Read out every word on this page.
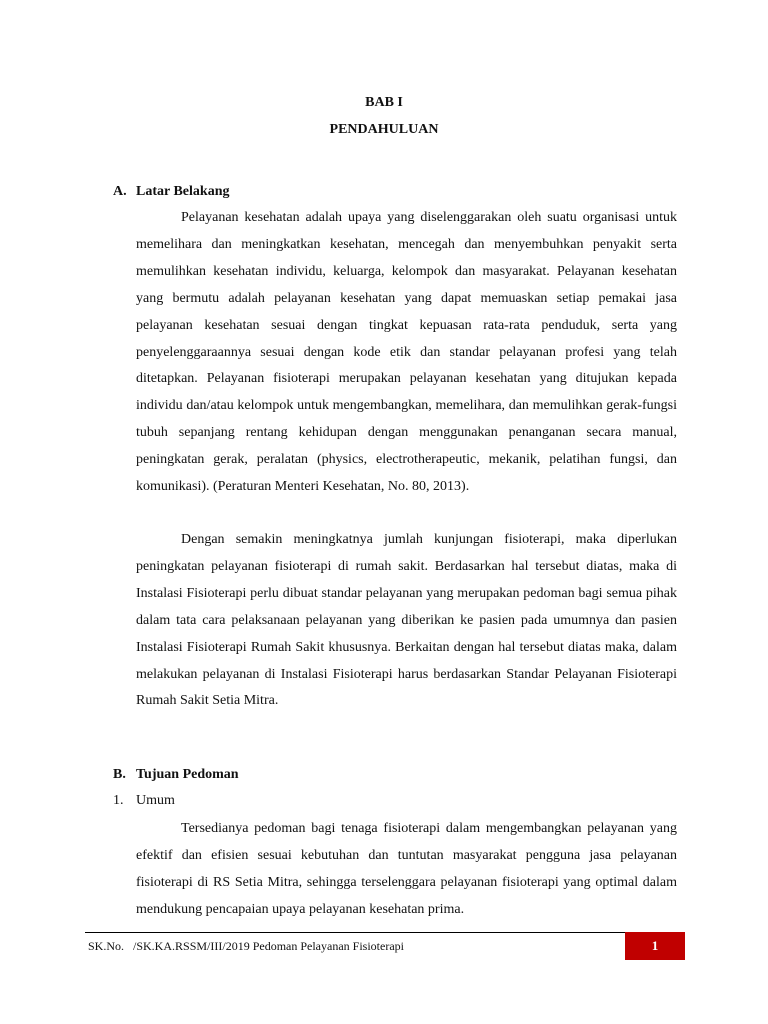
BAB I
PENDAHULUAN
A. Latar Belakang

Pelayanan kesehatan adalah upaya yang diselenggarakan oleh suatu organisasi untuk memelihara dan meningkatkan kesehatan, mencegah dan menyembuhkan penyakit serta memulihkan kesehatan individu, keluarga, kelompok dan masyarakat. Pelayanan kesehatan yang bermutu adalah pelayanan kesehatan yang dapat memuaskan setiap pemakai jasa pelayanan kesehatan sesuai dengan tingkat kepuasan rata-rata penduduk, serta yang penyelenggaraannya sesuai dengan kode etik dan standar pelayanan profesi yang telah ditetapkan. Pelayanan fisioterapi merupakan pelayanan kesehatan yang ditujukan kepada individu dan/atau kelompok untuk mengembangkan, memelihara, dan memulihkan gerak-fungsi tubuh sepanjang rentang kehidupan dengan menggunakan penanganan secara manual, peningkatan gerak, peralatan (physics, electrotherapeutic, mekanik, pelatihan fungsi, dan komunikasi). (Peraturan Menteri Kesehatan, No. 80, 2013).

Dengan semakin meningkatnya jumlah kunjungan fisioterapi, maka diperlukan peningkatan pelayanan fisioterapi di rumah sakit. Berdasarkan hal tersebut diatas, maka di Instalasi Fisioterapi perlu dibuat standar pelayanan yang merupakan pedoman bagi semua pihak dalam tata cara pelaksanaan pelayanan yang diberikan ke pasien pada umumnya dan pasien Instalasi Fisioterapi Rumah Sakit khususnya. Berkaitan dengan hal tersebut diatas maka, dalam melakukan pelayanan di Instalasi Fisioterapi harus berdasarkan Standar Pelayanan Fisioterapi Rumah Sakit Setia Mitra.

B. Tujuan Pedoman
1. Umum

Tersedianya pedoman bagi tenaga fisioterapi dalam mengembangkan pelayanan yang efektif dan efisien sesuai kebutuhan dan tuntutan masyarakat pengguna jasa pelayanan fisioterapi di RS Setia Mitra, sehingga terselenggara pelayanan fisioterapi yang optimal dalam mendukung pencapaian upaya pelayanan kesehatan prima.

SK.No.   /SK.KA.RSSM/III/2019 Pedoman Pelayanan Fisioterapi	1
